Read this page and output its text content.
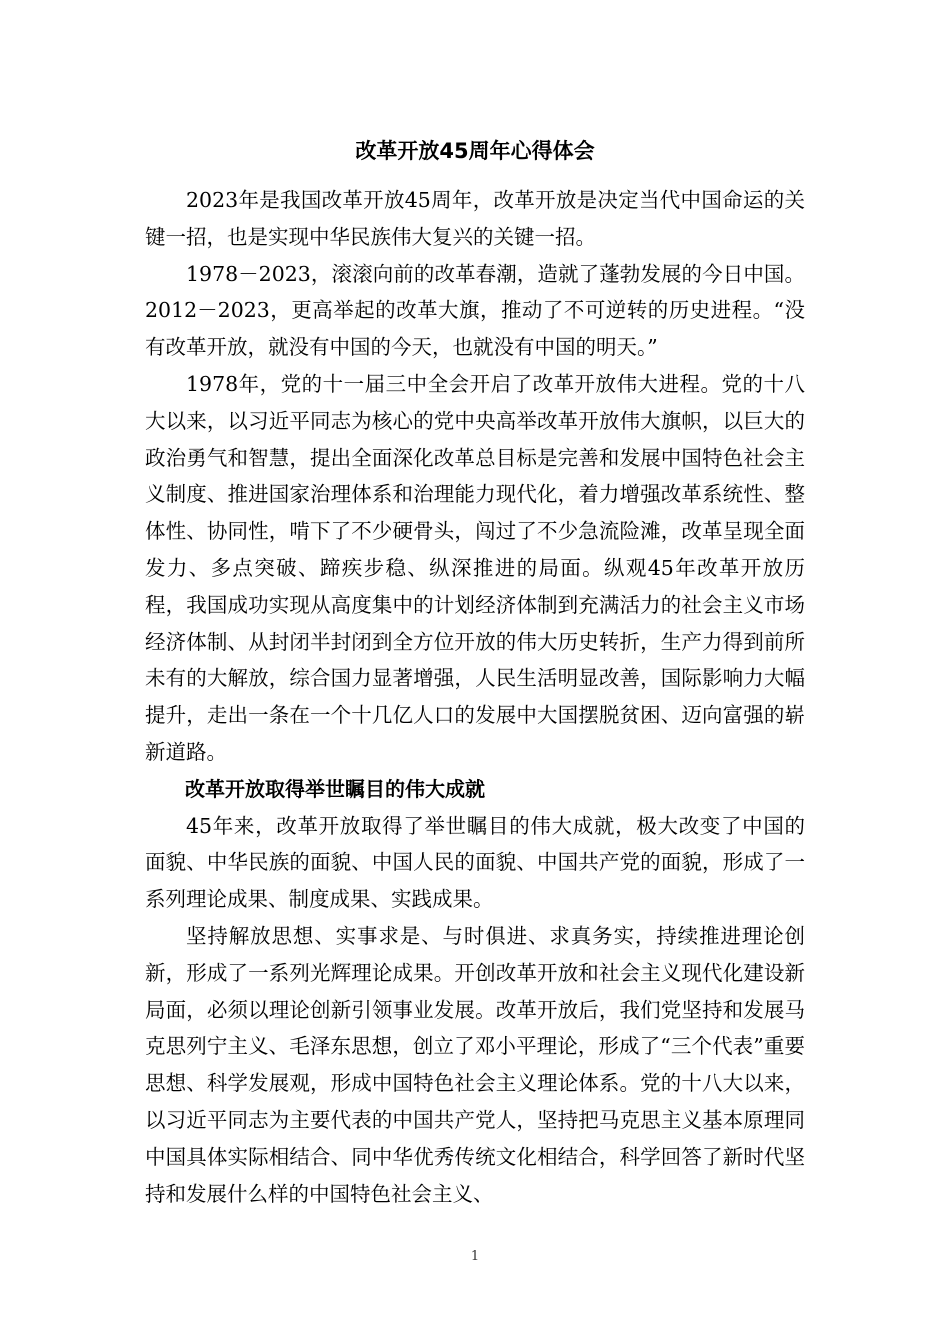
改革开放45周年心得体会

2023年是我国改革开放45周年，改革开放是决定当代中国命运的关键一招，也是实现中华民族伟大复兴的关键一招。

1978－2023，滚滚向前的改革春潮，造就了蓬勃发展的今日中国。2012－2023，更高举起的改革大旗，推动了不可逆转的历史进程。“没有改革开放，就没有中国的今天，也就没有中国的明天。”

1978年，党的十一届三中全会开启了改革开放伟大进程。党的十八大以来，以习近平同志为核心的党中央高举改革开放伟大旗帜，以巨大的政治勇气和智慧，提出全面深化改革总目标是完善和发展中国特色社会主义制度、推进国家治理体系和治理能力现代化，着力增强改革系统性、整体性、协同性，啃下了不少硬骨头，闯过了不少急流险滩，改革呈现全面发力、多点突破、蹄疾步稳、纵深推进的局面。纵观45年改革开放历程，我国成功实现从高度集中的计划经济体制到充满活力的社会主义市场经济体制、从封闭半封闭到全方位开放的伟大历史转折，生产力得到前所未有的大解放，综合国力显著增强，人民生活明显改善，国际影响力大幅提升，走出一条在一个十几亿人口的发展中大国摆脱贫困、迈向富强的崭新道路。

改革开放取得举世瞩目的伟大成就

45年来，改革开放取得了举世瞩目的伟大成就，极大改变了中国的面貌、中华民族的面貌、中国人民的面貌、中国共产党的面貌，形成了一系列理论成果、制度成果、实践成果。

坚持解放思想、实事求是、与时俱进、求真务实，持续推进理论创新，形成了一系列光辉理论成果。开创改革开放和社会主义现代化建设新局面，必须以理论创新引领事业发展。改革开放后，我们党坚持和发展马克思列宁主义、毛泽东思想，创立了邓小平理论，形成了“三个代表”重要思想、科学发展观，形成中国特色社会主义理论体系。党的十八大以来，以习近平同志为主要代表的中国共产党人，坚持把马克思主义基本原理同中国具体实际相结合、同中华优秀传统文化相结合，科学回答了新时代坚持和发展什么样的中国特色社会主义、

1
